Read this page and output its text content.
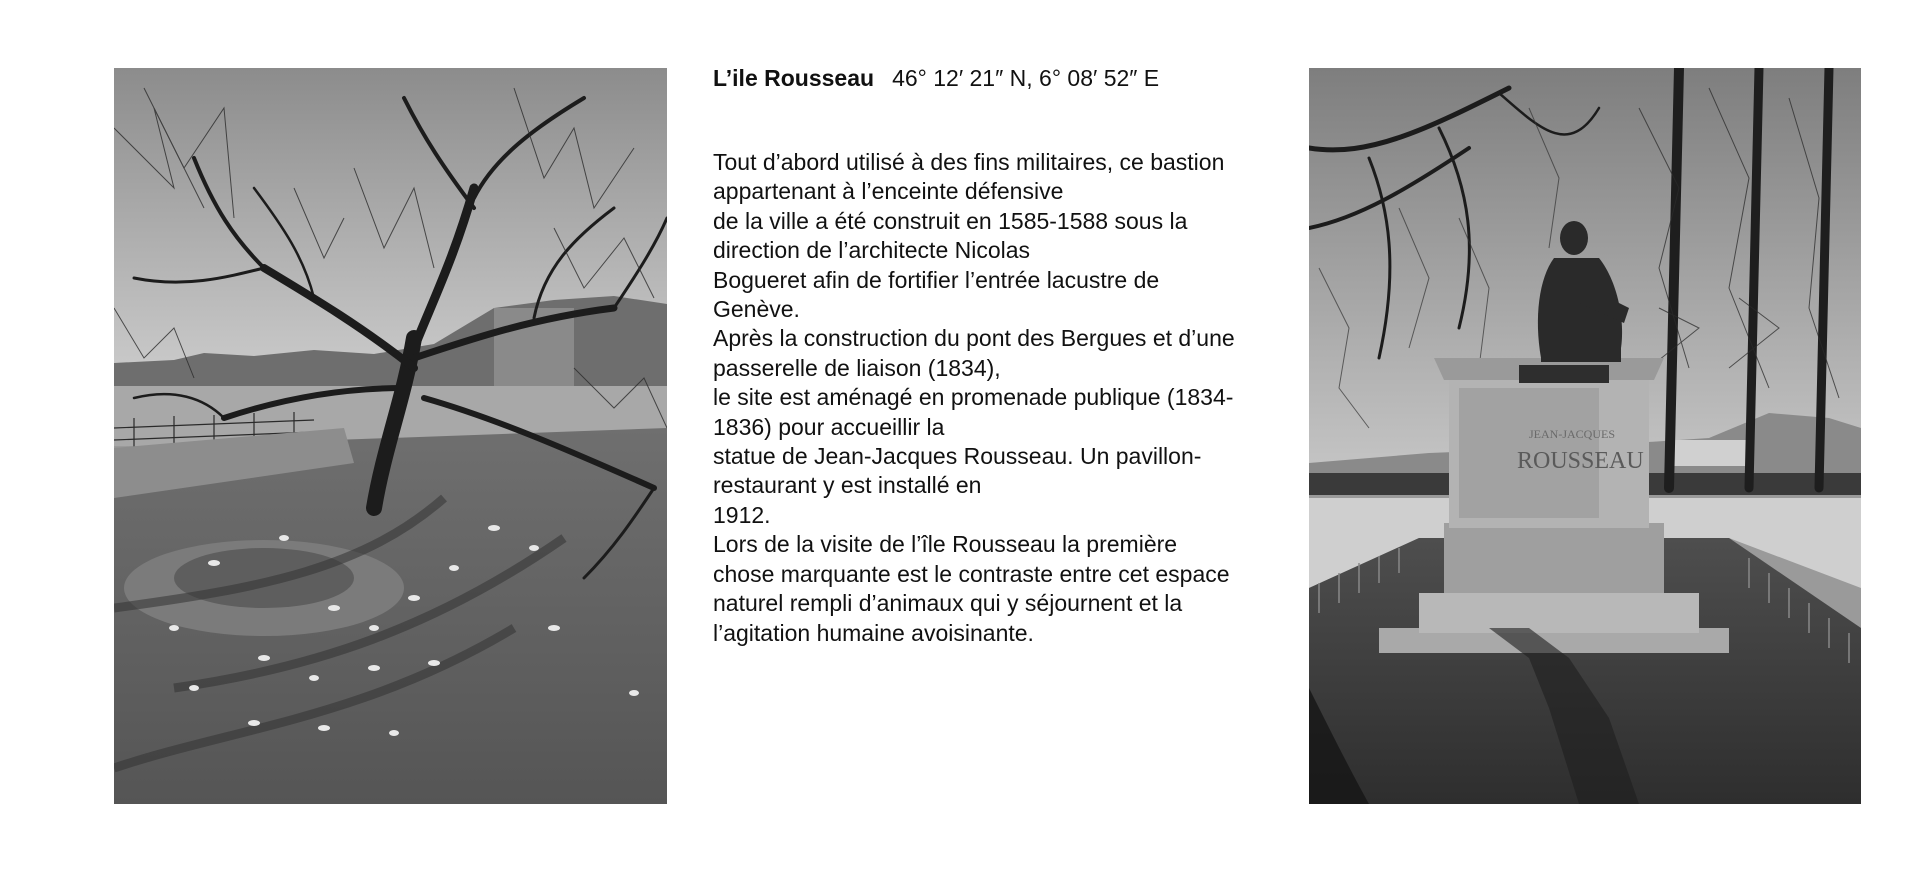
L’ile Rousseau 46° 12′ 21″ N, 6° 08′ 52″ E
Tout d’abord utilisé à des fins militaires, ce bastion
appartenant à l’enceinte défensive
de la ville a été construit en 1585-1588 sous la
direction de l’architecte Nicolas
Bogueret afin de fortifier l’entrée lacustre de
Genève.
Après la construction du pont des Bergues et d’une
passerelle de liaison (1834),
le site est aménagé en promenade publique (1834-
1836) pour accueillir la
statue de Jean-Jacques Rousseau. Un pavillon-
restaurant y est installé en
1912.
Lors de la visite de l’île Rousseau la première
chose marquante est le contraste entre cet espace
naturel rempli d’animaux qui y séjournent et la
l’agitation humaine avoisinante.
JEAN-JACQUES
ROUSSEAU
